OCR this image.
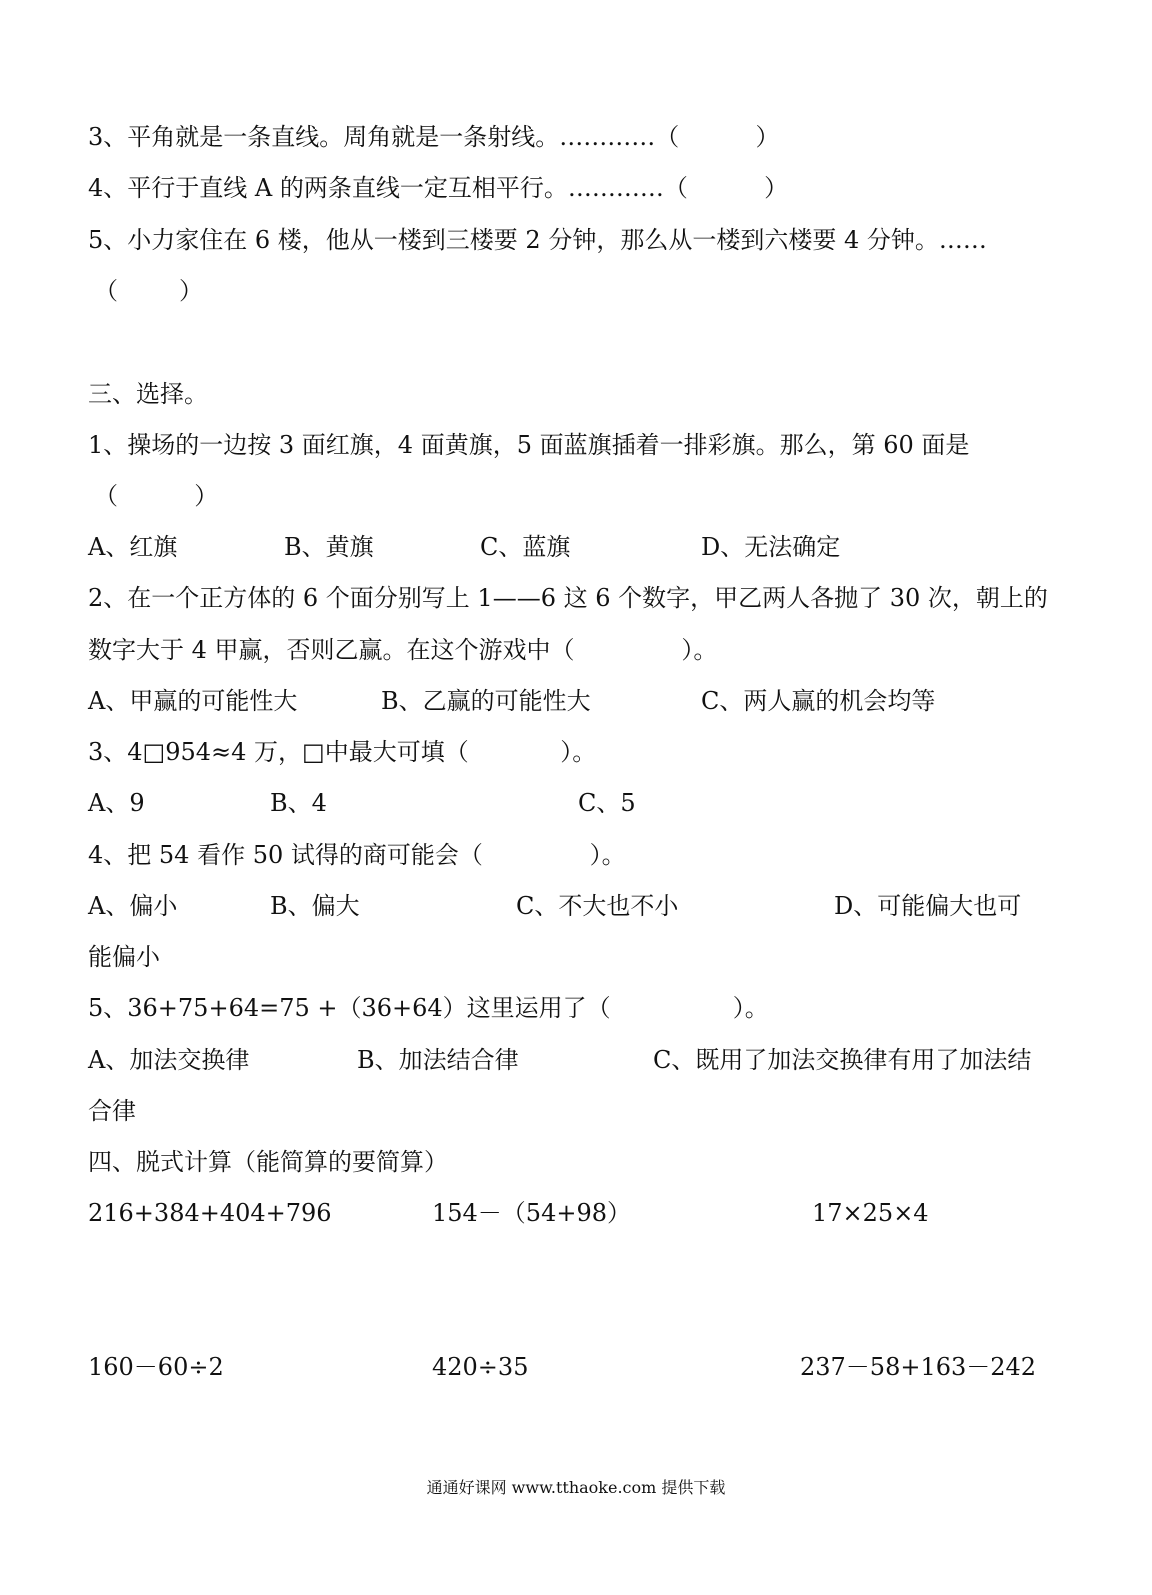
3、平角就是一条直线。周角就是一条射线。…………（          ）
4、平行于直线 A 的两条直线一定互相平行。…………（          ）
5、小力家住在 6 楼，他从一楼到三楼要 2 分钟，那么从一楼到六楼要 4 分钟。……
（        ）
三、选择。
1、操场的一边按 3 面红旗，4 面黄旗，5 面蓝旗插着一排彩旗。那么，第 60 面是
（          ）
A、红旗	B、黄旗	C、蓝旗	D、无法确定
2、在一个正方体的 6 个面分别写上 1——6 这 6 个数字，甲乙两人各抛了 30 次，朝上的
数字大于 4 甲赢，否则乙赢。在这个游戏中（              ）。
A、甲赢的可能性大	B、乙赢的可能性大	C、两人赢的机会均等
3、4□954≈4 万，□中最大可填（            ）。
A、9	B、4	C、5
4、把 54 看作 50 试得的商可能会（              ）。
A、偏小	B、偏大	C、不大也不小	D、可能偏大也可
能偏小
5、36+75+64=75 +（36+64）这里运用了（                ）。
A、加法交换律	B、加法结合律	C、既用了加法交换律有用了加法结
合律
四、脱式计算（能简算的要简算）
216+384+404+796	154－（54+98）	17×25×4
160－60÷2	420÷35	237－58+163－242
通通好课网 www.tthaoke.com 提供下载
